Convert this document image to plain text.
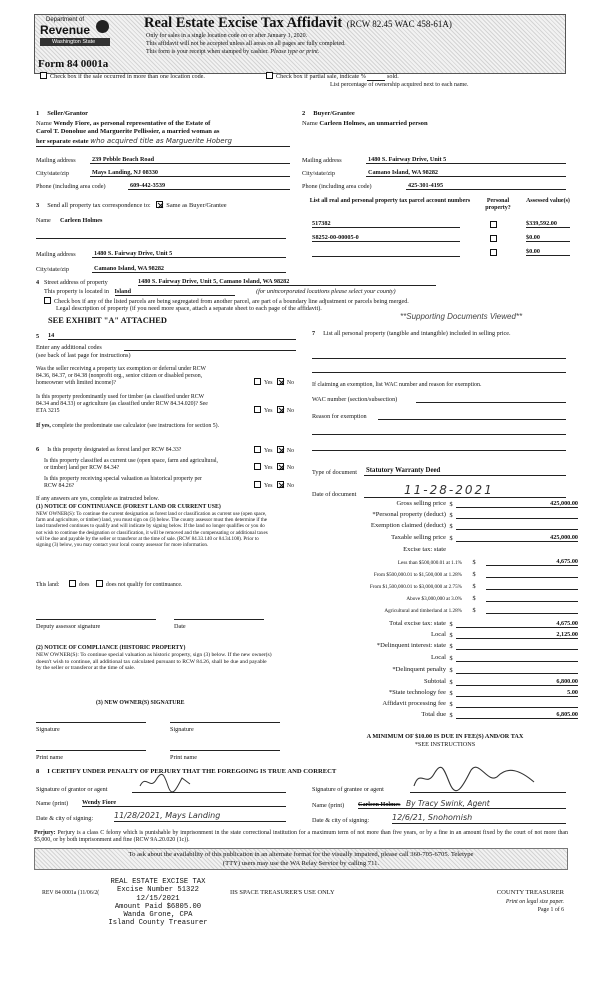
Department of
Revenue
Washington State
Form 84 0001a
Real Estate Excise Tax Affidavit (RCW 82.45 WAC 458-61A)
Only for sales in a single location code on or after January 1, 2020.
This affidavit will not be accepted unless all areas on all pages are fully completed.
This form is your receipt when stamped by cashier. Please type or print.
Check box if the sale occurred in more than one location code.	Check box if partial sale, indicate %	sold.
List percentage of ownership acquired next to each name.
1 Seller/Grantor
Name Wendy Fiore, as personal representative of the Estate of
Carol T. Donohue and Marguerite Pellissier, a married woman as
her separate estate who acquired title as Marguerite Hoberg
Mailing address	239 Pebble Beach Road
City/state/zip	Mays Landing, NJ 08330
Phone (including area code)	609-442-3539
2 Buyer/Grantee
Name Carleen Holmes, an unmarried person
Mailing address	1480 S. Fairway Drive, Unit 5
City/state/zip	Camano Island, WA 98282
Phone (including area code)	425-301-4195
3 Send all property tax correspondence to: Same as Buyer/Grantee
Name	Carleen Holmes
Mailing address	1480 S. Fairway Drive, Unit 5
City/state/zip	Camano Island, WA 98282
List all real and personal property tax parcel account numbers	Personal property?
Assessed value(s)
517382	$339,592.00
S8252-00-00005-0	$0.00
$0.00
4 Street address of property	1480 S. Fairway Drive, Unit 5, Camano Island, WA 98282
This property is located in Island	(for unincorporated locations please select your county)
Check box if any of the listed parcels are being segregated from another parcel, are part of a boundary line adjustment or parcels being merged.
Legal description of property (if you need more space, attach a separate sheet to each page of the affidavit).
**Supporting Documents Viewed**
SEE EXHIBIT "A" ATTACHED
5	14
Enter any additional codes
(see back of last page for instructions)
Was the seller receiving a property tax exemption or deferral under RCW 84.36, 84.37, or 84.38 (nonprofit org., senior citizen or disabled person, homeowner with limited income)?	Yes No
Is this property predominantly used for timber (as classified under RCW 84.34 and 84.33) or agriculture (as classified under RCW 84.34.020)? See ETA 3215	Yes No
If yes, complete the predominate use calculator (see instructions for section 5).
6 Is this property designated as forest land per RCW 84.33?	Yes No
Is this property classified as current use (open space, farm and agricultural, or timber) land per RCW 84.34?	Yes No
Is this property receiving special valuation as historical property per RCW 84.26?	Yes No
If any answers are yes, complete as instructed below.
(1) NOTICE OF CONTINUANCE (FOREST LAND OR CURRENT USE)
NEW OWNER(S): To continue the current designation as forest land or classification as current use (open space, farm and agriculture, or timber) land, you must sign on (3) below. The county assessor must then determine if the land transferred continues to qualify and will indicate by signing below. If the land no longer qualifies or you do not wish to continue the designation or classification, it will be removed and the compensating or additional taxes will be due and payable by the seller or transferor at the time of sale. (RCW 84.33.140 or 84.34.108). Prior to signing (3) below, you may contact your local county assessor for more information.
This land:	does	does not qualify for continuance.
Deputy assessor signature	Date
(2) NOTICE OF COMPLIANCE (HISTORIC PROPERTY)
NEW OWNER(S): To continue special valuation as historic property, sign (3) below. If the new owner(s) doesn't wish to continue, all additional tax calculated pursuant to RCW 84.26, shall be due and payable by the seller or transferor at the time of sale.
(3) NEW OWNER(S) SIGNATURE
Signature	Signature
Print name	Print name
7 List all personal property (tangible and intangible) included in selling price.
If claiming an exemption, list WAC number and reason for exemption.
WAC number (section/subsection)
Reason for exemption
Type of document	Statutory Warranty Deed
Date of document	11-28-2021
Gross selling price $	425,000.00
*Personal property (deduct) $
Exemption claimed (deduct) $
Taxable selling price $	425,000.00
Excise tax: state
Less than $500,000.01 at 1.1%	$	4,675.00
From $500,000.01 to $1,500,000 at 1.28%	$
From $1,500,000.01 to $3,000,000 at 2.75%	$
Above $3,000,000 at 3.0%	$
Agricultural and timberland at 1.28%	$
Total excise tax: state $	4,675.00
Local $	2,125.00
*Delinquent interest: state $
Local $
*Delinquent penalty $
Subtotal $	6,800.00
*State technology fee $	5.00
Affidavit processing fee $
Total due $	6,805.00
A MINIMUM OF $10.00 IS DUE IN FEE(S) AND/OR TAX
*SEE INSTRUCTIONS
8 I CERTIFY UNDER PENALTY OF PERJURY THAT THE FOREGOING IS TRUE AND CORRECT
Signature of grantor or agent
Name (print)	Wendy Fiore
Date & city of signing:	11/28/2021, Mays Landing
Signature of grantee or agent
Name (print)	Carleen Holmes By Tracy Swink, Agent
Date & city of signing:	12/6/21, Snohomish
Perjury: Perjury is a class C felony which is punishable by imprisonment in the state correctional institution for a maximum term of not more than five years, or by a fine in an amount fixed by the court of not more than $5,000, or by both imprisonment and fine (RCW 9A.20.020 (1c)).
To ask about the availability of this publication in an alternate format for the visually impaired, please call 360-705-6705. Teletype
(TTY) users may use the WA Relay Service by calling 711.
REV 84 0001a (11/06/2(
REAL ESTATE EXCISE TAX
Excise Number 51322
12/15/2021
Amount Paid $6805.00
Wanda Grone, CPA
Island County Treasurer
IIS SPACE TREASURER'S USE ONLY	COUNTY TREASURER
Print on legal size paper.
Page 1 of 6
